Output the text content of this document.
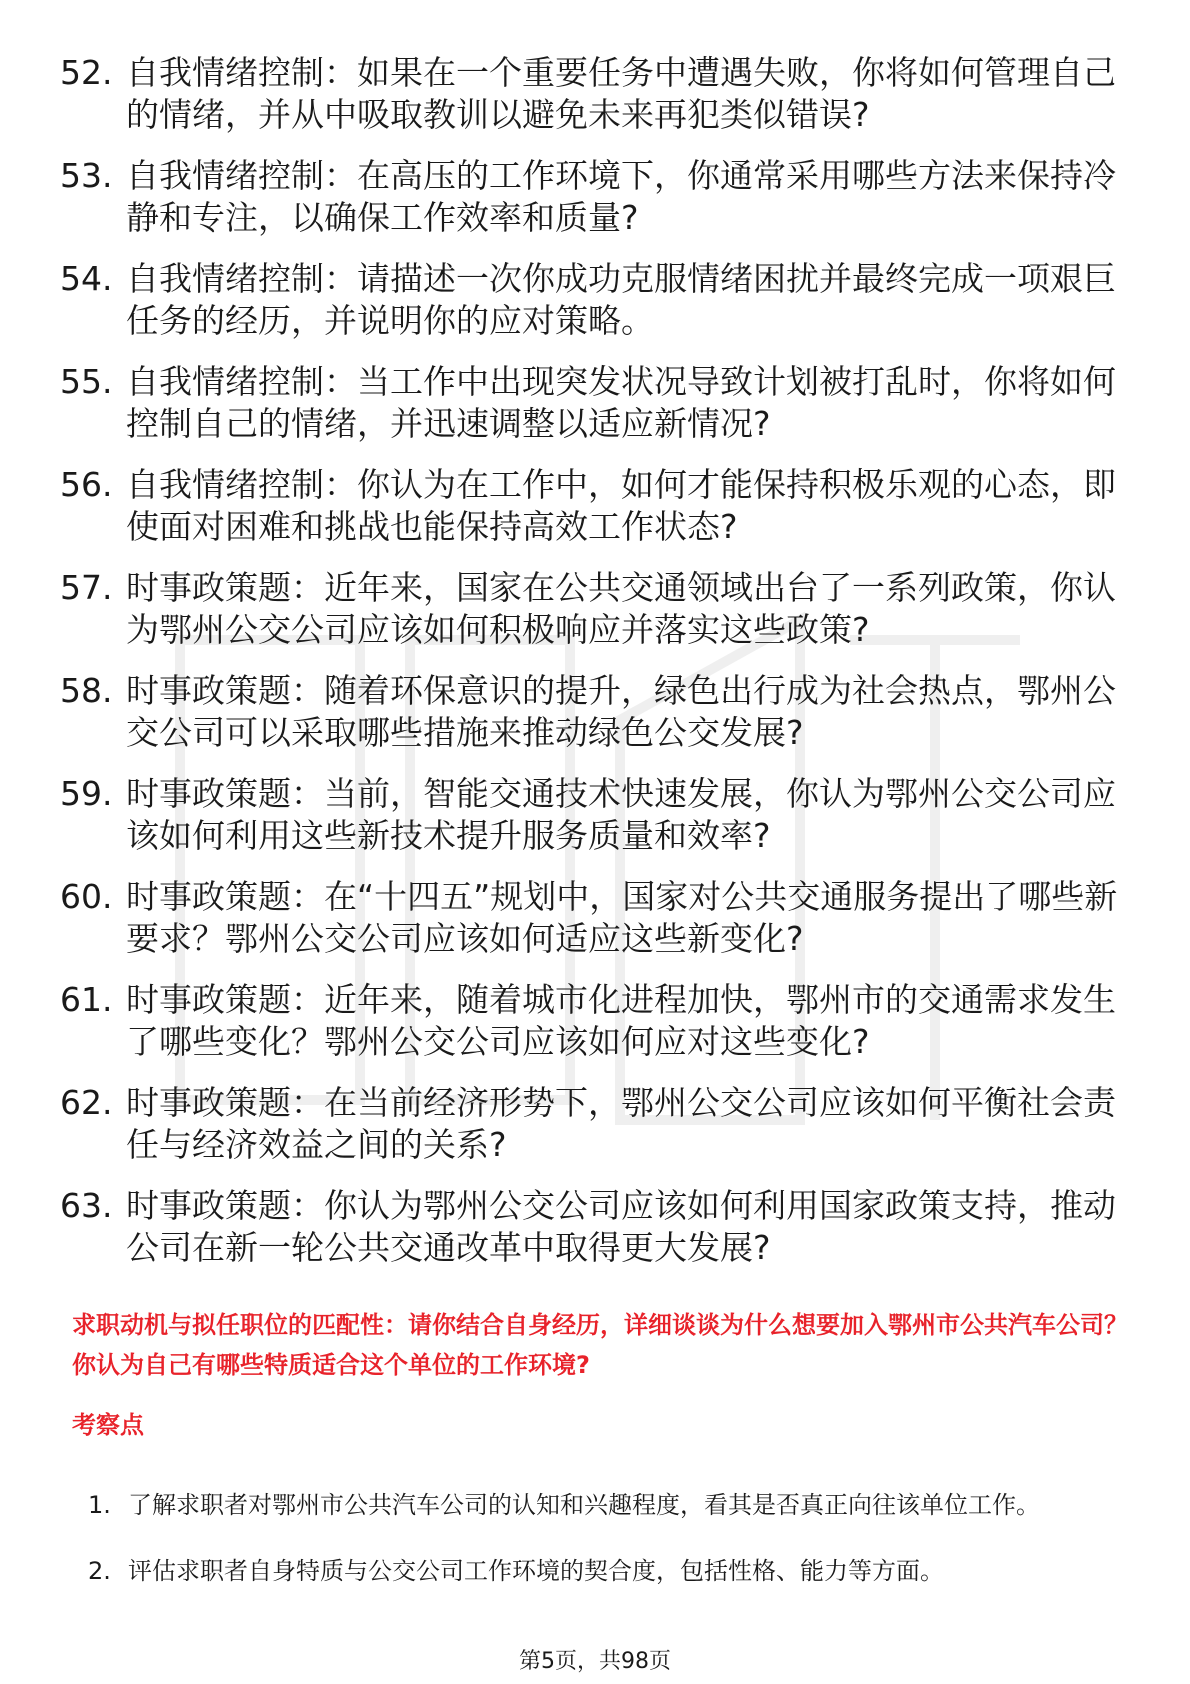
52. 自我情绪控制：如果在一个重要任务中遭遇失败，你将如何管理自己的情绪，并从中吸取教训以避免未来再犯类似错误?
53. 自我情绪控制：在高压的工作环境下，你通常采用哪些方法来保持冷静和专注，以确保工作效率和质量?
54. 自我情绪控制：请描述一次你成功克服情绪困扰并最终完成一项艰巨任务的经历，并说明你的应对策略。
55. 自我情绪控制：当工作中出现突发状况导致计划被打乱时，你将如何控制自己的情绪，并迅速调整以适应新情况?
56. 自我情绪控制：你认为在工作中，如何才能保持积极乐观的心态，即使面对困难和挑战也能保持高效工作状态?
57. 时事政策题：近年来，国家在公共交通领域出台了一系列政策，你认为鄂州公交公司应该如何积极响应并落实这些政策?
58. 时事政策题：随着环保意识的提升，绿色出行成为社会热点，鄂州公交公司可以采取哪些措施来推动绿色公交发展?
59. 时事政策题：当前，智能交通技术快速发展，你认为鄂州公交公司应该如何利用这些新技术提升服务质量和效率?
60. 时事政策题：在“十四五”规划中，国家对公共交通服务提出了哪些新要求？鄂州公交公司应该如何适应这些新变化?
61. 时事政策题：近年来，随着城市化进程加快，鄂州市的交通需求发生了哪些变化？鄂州公交公司应该如何应对这些变化?
62. 时事政策题：在当前经济形势下，鄂州公交公司应该如何平衡社会责任与经济效益之间的关系?
63. 时事政策题：你认为鄂州公交公司应该如何利用国家政策支持，推动公司在新一轮公共交通改革中取得更大发展?
求职动机与拟任职位的匹配性：请你结合自身经历，详细谈谈为什么想要加入鄂州市公共汽车公司？你认为自己有哪些特质适合这个单位的工作环境?
考察点
1. 了解求职者对鄂州市公共汽车公司的认知和兴趣程度，看其是否真正向往该单位工作。
2. 评估求职者自身特质与公交公司工作环境的契合度，包括性格、能力等方面。
第5页，共98页
